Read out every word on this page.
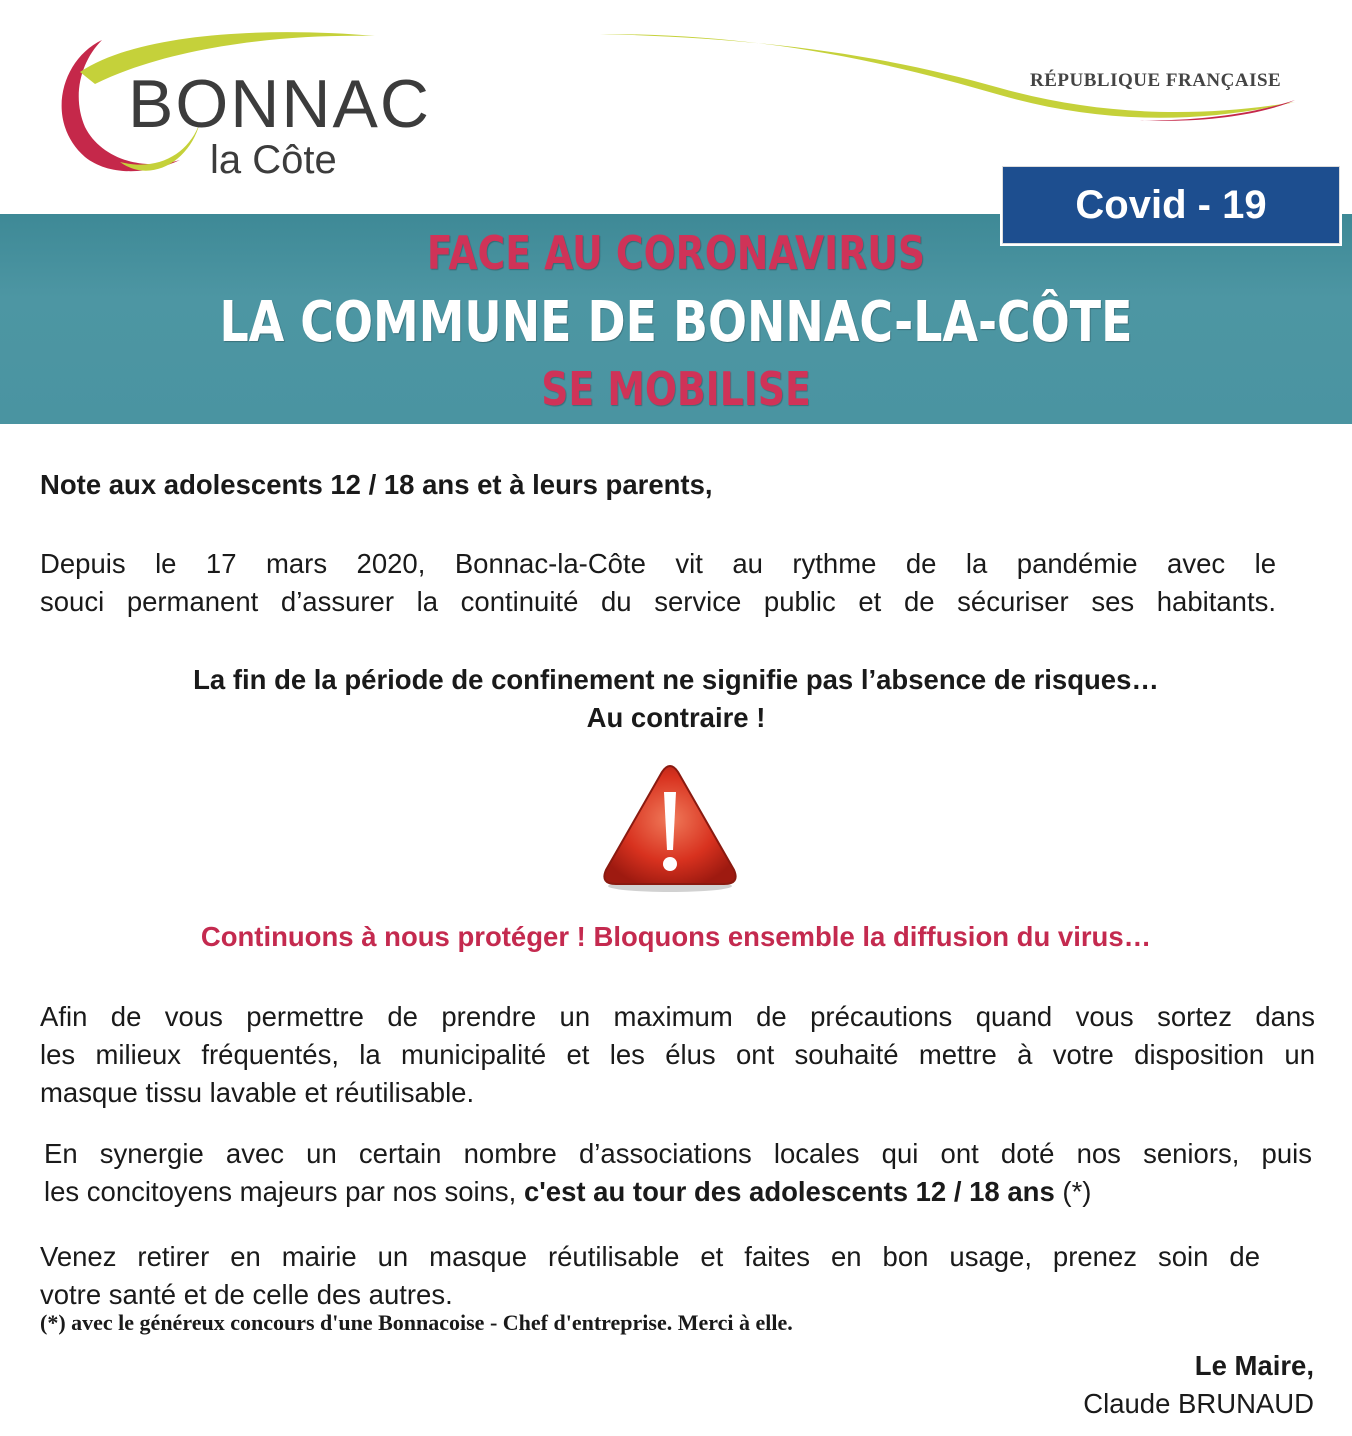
BONNAC
la Côte
RÉPUBLIQUE FRANÇAISE
FACE AU CORONAVIRUS
LA COMMUNE DE BONNAC-LA-CÔTE
SE MOBILISE
Covid - 19
Note aux adolescents 12 / 18 ans et à leurs parents,
Depuis le 17 mars 2020, Bonnac-la-Côte vit au rythme de la pandémie avec le
souci permanent d’assurer la continuité du service public et de sécuriser ses habitants.
La fin de la période de confinement ne signifie pas l’absence de risques…
Au contraire !
Continuons à nous protéger ! Bloquons ensemble la diffusion du virus…
Afin de vous permettre de prendre un maximum de précautions quand vous sortez dans
les milieux fréquentés, la municipalité et les élus ont souhaité mettre à votre disposition un
masque tissu lavable et réutilisable.
En synergie avec un certain nombre d’associations locales qui ont doté nos seniors, puis
les concitoyens majeurs par nos soins, c'est au tour des adolescents 12 / 18 ans (*)
Venez retirer en mairie un masque réutilisable et faites en bon usage, prenez soin de
votre santé et de celle des autres.
(*) avec le généreux concours d'une Bonnacoise - Chef d'entreprise. Merci à elle.
Le Maire,
Claude BRUNAUD
